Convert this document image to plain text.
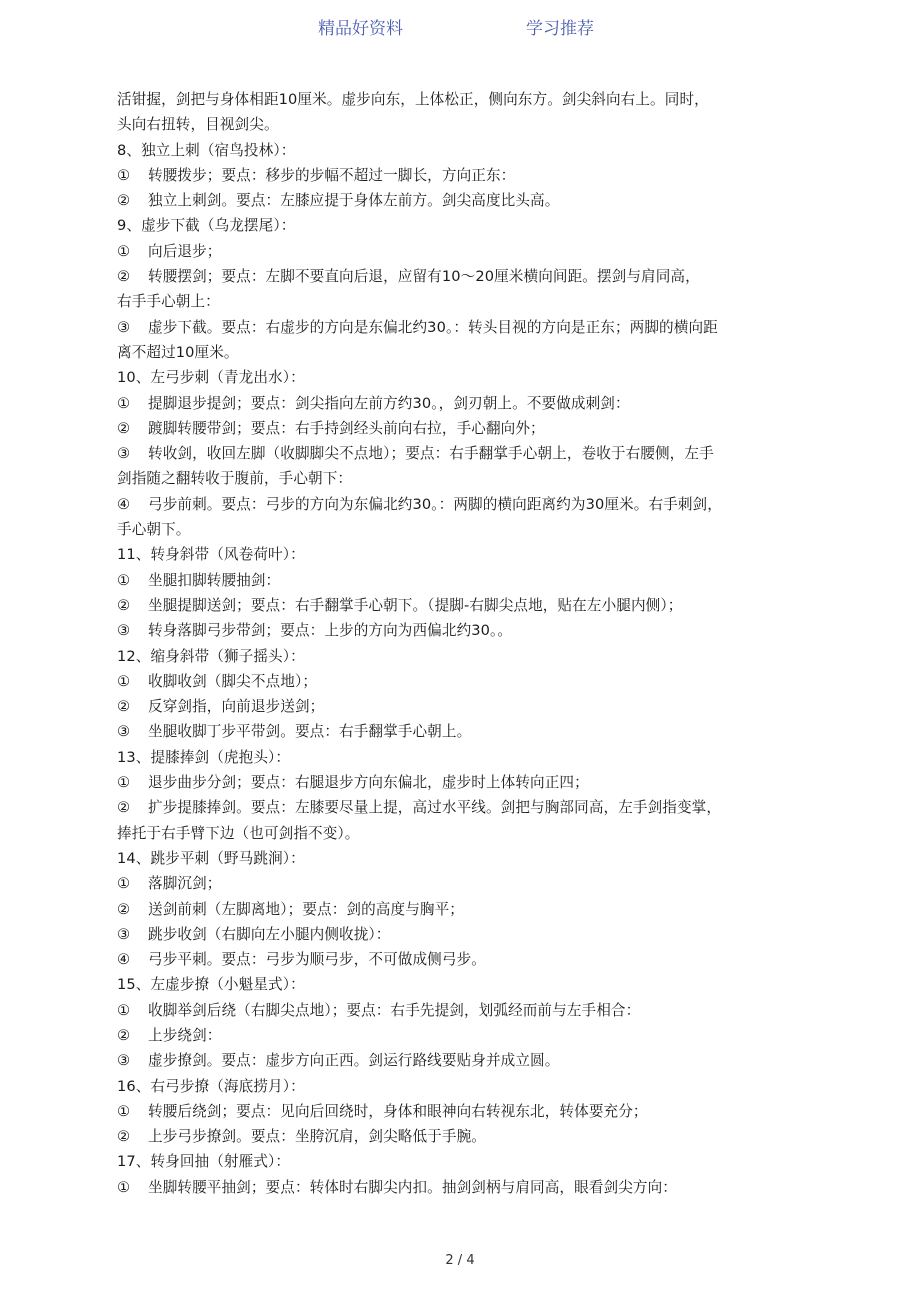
精品好资料	学习推荐

活钳握，剑把与身体相距10厘米。虚步向东，上体松正，侧向东方。剑尖斜向右上。同时，

头向右扭转，目视剑尖。

8、独立上刺（宿鸟投林）：

① 转腰拨步；要点：移步的步幅不超过一脚长，方向正东：

② 独立上刺剑。要点：左膝应提于身体左前方。剑尖高度比头高。

9、虚步下截（乌龙摆尾）：

① 向后退步；

② 转腰摆剑；要点：左脚不要直向后退，应留有10～20厘米横向间距。摆剑与肩同高，

右手手心朝上：

③ 虚步下截。要点：右虚步的方向是东偏北约30。：转头目视的方向是正东；两脚的横向距

离不超过10厘米。

10、左弓步刺（青龙出水）：

① 提脚退步提剑；要点：剑尖指向左前方约30。，剑刃朝上。不要做成刺剑：

② 踱脚转腰带剑；要点：右手持剑经头前向右拉，手心翻向外；

③ 转收剑，收回左脚（收脚脚尖不点地）；要点：右手翻掌手心朝上，卷收于右腰侧，左手

剑指随之翻转收于腹前，手心朝下：

④ 弓步前刺。要点：弓步的方向为东偏北约30。：两脚的横向距离约为30厘米。右手刺剑，

手心朝下。

11、转身斜带（风卷荷叶）：

① 坐腿扣脚转腰抽剑：

② 坐腿提脚送剑；要点：右手翻掌手心朝下。（提脚-右脚尖点地，贴在左小腿内侧）；

③ 转身落脚弓步带剑；要点：上步的方向为西偏北约30。。

12、缩身斜带（狮子摇头）：

① 收脚收剑（脚尖不点地）；

② 反穿剑指，向前退步送剑；

③ 坐腿收脚丁步平带剑。要点：右手翻掌手心朝上。

13、提膝捧剑（虎抱头）：

① 退步曲步分剑；要点：右腿退步方向东偏北，虚步时上体转向正四；

② 扩步提膝捧剑。要点：左膝要尽量上提，高过水平线。剑把与胸部同高，左手剑指变掌，

捧托于右手臂下边（也可剑指不变）。

14、跳步平刺（野马跳涧）：

① 落脚沉剑；

② 送剑前刺（左脚离地）；要点：剑的高度与胸平；

③ 跳步收剑（右脚向左小腿内侧收拢）：

④ 弓步平刺。要点：弓步为顺弓步，不可做成侧弓步。

15、左虚步撩（小魁星式）：

① 收脚举剑后绕（右脚尖点地）；要点：右手先提剑，划弧经而前与左手相合：

② 上步绕剑：

③ 虚步撩剑。要点：虚步方向正西。剑运行路线要贴身并成立圆。

16、右弓步撩（海底捞月）：

① 转腰后绕剑；要点：见向后回绕时，身体和眼神向右转视东北，转体要充分；

② 上步弓步撩剑。要点：坐胯沉肩，剑尖略低于手腕。

17、转身回抽（射雁式）：

① 坐脚转腰平抽剑；要点：转体时右脚尖内扣。抽剑剑柄与肩同高，眼看剑尖方向：

2 / 4
